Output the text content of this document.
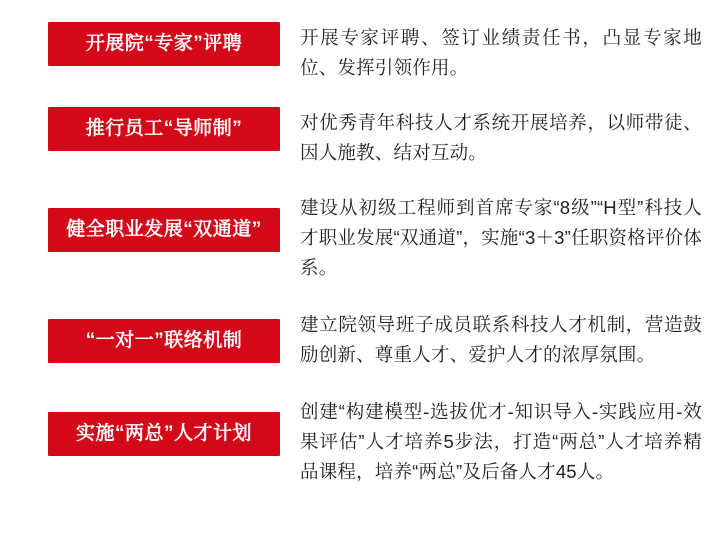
开展院“专家”评聘	开展专家评聘、签订业绩责任书，凸显专家地位、发挥引领作用。
推行员工“导师制”	对优秀青年科技人才系统开展培养，以师带徒、因人施教、结对互动。
健全职业发展“双通道”
建设从初级工程师到首席专家“8级”“H型”科技人才职业发展“双通道”，实施“3＋3”任职资格评价体系。
“一对一”联络机制
建立院领导班子成员联系科技人才机制，营造鼓励创新、尊重人才、爱护人才的浓厚氛围。
实施“两总”人才计划
创建“构建模型-选拔优才-知识导入-实践应用-效果评估”人才培养5步法，打造“两总”人才培养精品课程，培养“两总”及后备人才45人。
